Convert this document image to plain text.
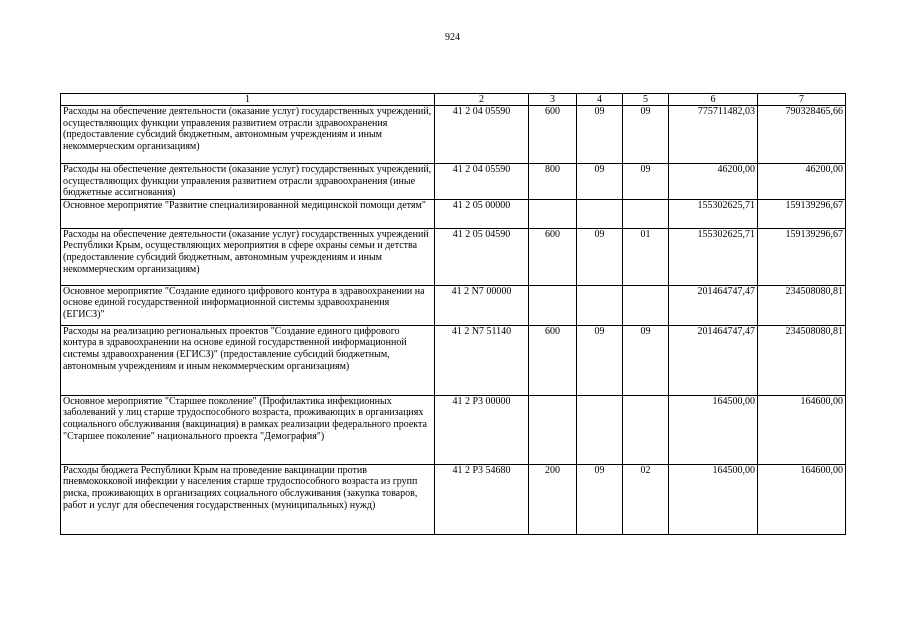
924
1	2	3	4	5	6	7
Расходы на обеспечение деятельности (оказание услуг) государственных учреждений, осуществляющих функции управления развитием отрасли здравоохранения (предоставление субсидий бюджетным, автономным учреждениям и иным некоммерческим организациям)	41 2 04 05590	600	09	09	775711482,03	790328465,66
Расходы на обеспечение деятельности (оказание услуг) государственных учреждений, осуществляющих функции управления развитием отрасли здравоохранения (иные бюджетные ассигнования)	41 2 04 05590	800	09	09	46200,00	46200,00
Основное мероприятие "Развитие специализированной медицинской помощи детям"	41 2 05 00000				155302625,71	159139296,67
Расходы на обеспечение деятельности (оказание услуг) государственных учреждений Республики Крым, осуществляющих мероприятия в сфере охраны семьи и детства (предоставление субсидий бюджетным, автономным учреждениям и иным некоммерческим организациям)	41 2 05 04590	600	09	01	155302625,71	159139296,67
Основное мероприятие "Создание единого цифрового контура в здравоохранении на основе единой государственной информационной системы здравоохранения (ЕГИСЗ)"	41 2 N7 00000				201464747,47	234508080,81
Расходы на реализацию региональных проектов "Создание единого цифрового контура в здравоохранении на основе единой государственной информационной системы здравоохранения (ЕГИСЗ)" (предоставление субсидий бюджетным, автономным учреждениям и иным некоммерческим организациям)	41 2 N7 51140	600	09	09	201464747,47	234508080,81
Основное мероприятие "Старшее поколение" (Профилактика инфекционных заболеваний у лиц старше трудоспособного возраста, проживающих в организациях социального обслуживания (вакцинация) в рамках реализации федерального проекта "Старшее поколение" национального проекта "Демография")	41 2 P3 00000				164500,00	164600,00
Расходы бюджета Республики Крым на проведение вакцинации против пневмококковой инфекции у населения старше трудоспособного возраста из групп риска, проживающих в организациях социального обслуживания (закупка товаров, работ и услуг для обеспечения государственных (муниципальных) нужд)	41 2 P3 54680	200	09	02	164500,00	164600,00
